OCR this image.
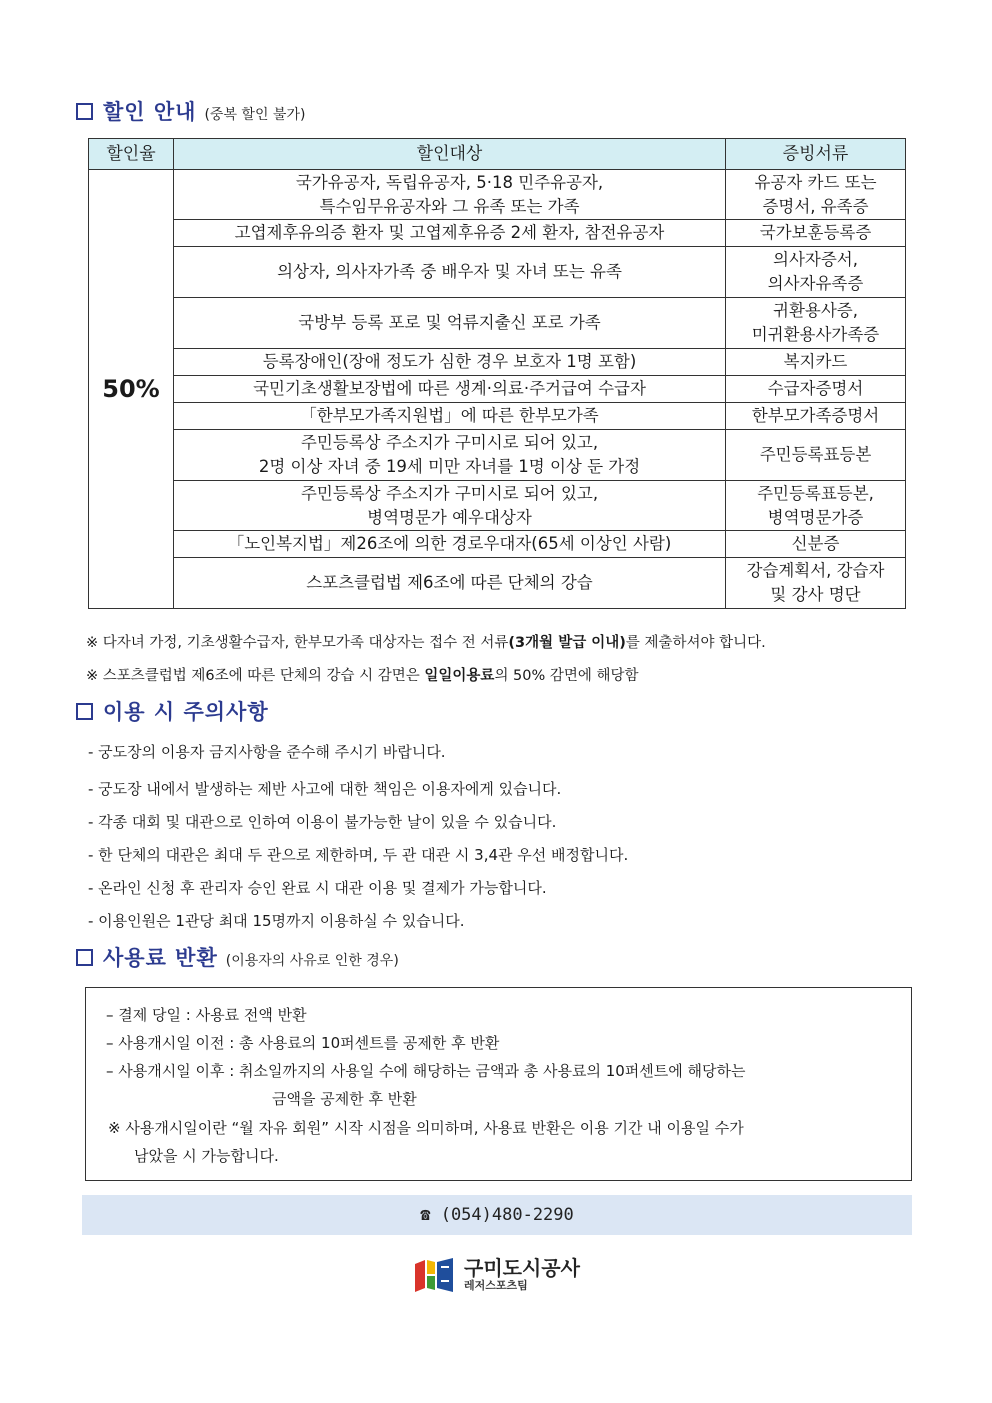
할인 안내 (중복 할인 불가)
할인율	할인대상	증빙서류
50%	국가유공자, 독립유공자, 5·18 민주유공자,
특수임무유공자와 그 유족 또는 가족	유공자 카드 또는
증명서, 유족증

	고엽제후유의증 환자 및 고엽제후유증 2세 환자, 참전유공자	국가보훈등록증

	의상자, 의사자가족 중 배우자 및 자녀 또는 유족	의사자증서,
의사자유족증

	국방부 등록 포로 및 억류지출신 포로 가족	귀환용사증,
미귀환용사가족증

	등록장애인(장애 정도가 심한 경우 보호자 1명 포함)	복지카드

	국민기초생활보장법에 따른 생계·의료·주거급여 수급자	수급자증명서

	「한부모가족지원법」에 따른 한부모가족	한부모가족증명서

	주민등록상 주소지가 구미시로 되어 있고,
2명 이상 자녀 중 19세 미만 자녀를 1명 이상 둔 가정	주민등록표등본

	주민등록상 주소지가 구미시로 되어 있고,
병역명문가 예우대상자	주민등록표등본,
병역명문가증

	「노인복지법」제26조에 의한 경로우대자(65세 이상인 사람)	신분증

	스포츠클럽법 제6조에 따른 단체의 강습	강습계획서, 강습자
및 강사 명단
※ 다자녀 가정, 기초생활수급자, 한부모가족 대상자는 접수 전 서류(3개월 발급 이내)를 제출하셔야 합니다.
※ 스포츠클럽법 제6조에 따른 단체의 강습 시 감면은 일일이용료의 50% 감면에 해당함
이용 시 주의사항
- 궁도장의 이용자 금지사항을 준수해 주시기 바랍니다.
- 궁도장 내에서 발생하는 제반 사고에 대한 책임은 이용자에게 있습니다.
- 각종 대회 및 대관으로 인하여 이용이 불가능한 날이 있을 수 있습니다.
- 한 단체의 대관은 최대 두 관으로 제한하며, 두 관 대관 시 3,4관 우선 배정합니다.
- 온라인 신청 후 관리자 승인 완료 시 대관 이용 및 결제가 가능합니다.
- 이용인원은 1관당 최대 15명까지 이용하실 수 있습니다.
사용료 반환 (이용자의 사유로 인한 경우)
– 결제 당일 : 사용료 전액 반환
– 사용개시일 이전 : 총 사용료의 10퍼센트를 공제한 후 반환
– 사용개시일 이후 : 취소일까지의 사용일 수에 해당하는 금액과 총 사용료의 10퍼센트에 해당하는
금액을 공제한 후 반환
※ 사용개시일이란 “월 자유 회원” 시작 시점을 의미하며, 사용료 반환은 이용 기간 내 이용일 수가
남았을 시 가능합니다.
☎ (054)480-2290
구미도시공사
레저스포츠팀
